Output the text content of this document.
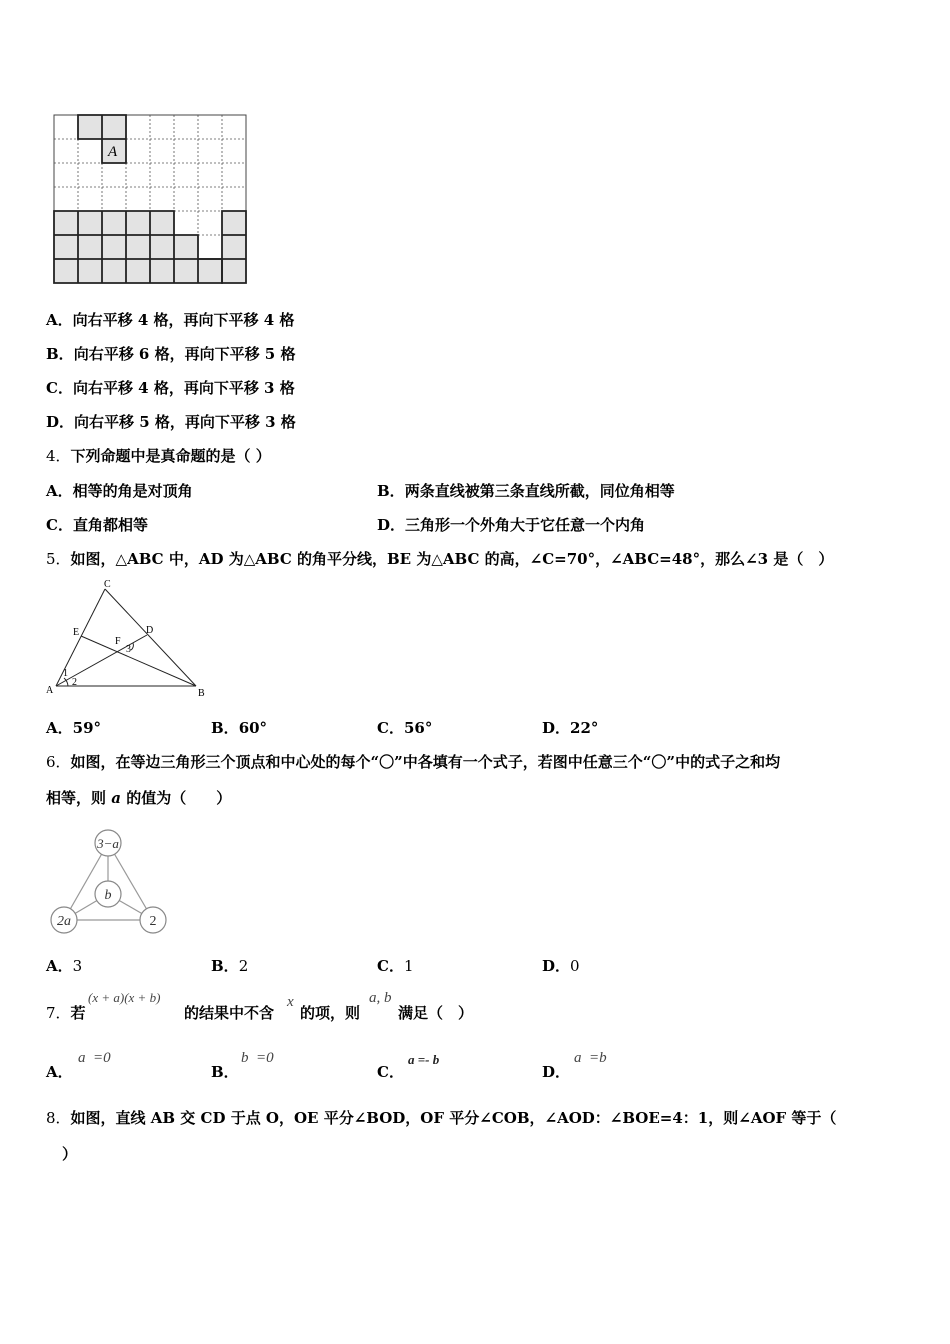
A
A．向右平移 4 格，再向下平移 4 格
B．向右平移 6 格，再向下平移 5 格
C．向右平移 4 格，再向下平移 3 格
D．向右平移 5 格，再向下平移 3 格
4．下列命题中是真命题的是（ ）
A．相等的角是对顶角	B．两条直线被第三条直线所截，同位角相等
C．直角都相等	D．三角形一个外角大于它任意一个内角
5．如图，△ABC 中，AD 为△ABC 的角平分线，BE 为△ABC 的高，∠C=70°，∠ABC=48°，那么∠3 是（　）
A	B
C
D
E
F
1
2
3
A．59°	B．60°	C．56°	D．22°
6．如图，在等边三角形三个顶点和中心处的每个“〇”中各填有一个式子，若图中任意三个“〇”中的式子之和均
相等，则 a 的值为（　　）
3−a
b
2a	2
A．3	B．2	C．1	D．0
7．若
(x + a)(x + b)
的结果中不含
x
的项，则
a, b
满足（　）
A．
a  =0
B．
b  =0
C．
a =- b
D．
a  =b
8．如图，直线 AB 交 CD 于点 O，OE 平分∠BOD，OF 平分∠COB，∠AOD：∠BOE=4：1，则∠AOF 等于（
）
